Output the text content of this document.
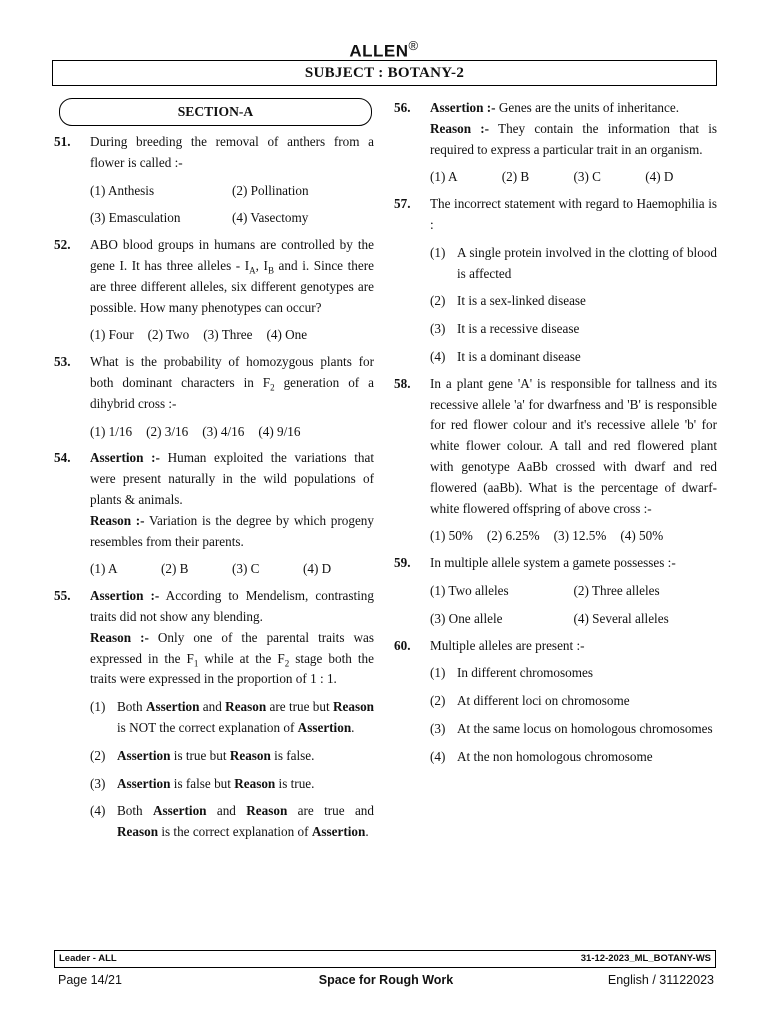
ALLEN®
SUBJECT : BOTANY-2
SECTION-A
51. During breeding the removal of anthers from a flower is called :-
(1) Anthesis	(2) Pollination
(3) Emasculation	(4) Vasectomy
52. ABO blood groups in humans are controlled by the gene I. It has three alleles - $I_A$, $I_B$ and i. Since there are three different alleles, six different genotypes are possible. How many phenotypes can occur?
(1) Four (2) Two (3) Three (4) One
53. What is the probability of homozygous plants for both dominant characters in $F_2$ generation of a dihybrid cross :-
(1) 1/16 (2) 3/16 (3) 4/16 (4) 9/16
54. Assertion :- Human exploited the variations that were present naturally in the wild populations of plants & animals.
Reason :- Variation is the degree by which progeny resembles from their parents.
(1) A	(2) B	(3) C	(4) D
55. Assertion :- According to Mendelism, contrasting traits did not show any blending.
Reason :- Only one of the parental traits was expressed in the $F_1$ while at the $F_2$ stage both the traits were expressed in the proportion of 1 : 1.
(1) Both Assertion and Reason are true but Reason is NOT the correct explanation of Assertion.
(2) Assertion is true but Reason is false.
(3) Assertion is false but Reason is true.
(4) Both Assertion and Reason are true and Reason is the correct explanation of Assertion.
56. Assertion :- Genes are the units of inheritance.
Reason :- They contain the information that is required to express a particular trait in an organism.
(1) A	(2) B	(3) C	(4) D
57. The incorrect statement with regard to Haemophilia is :
(1) A single protein involved in the clotting of blood is affected
(2) It is a sex-linked disease
(3) It is a recessive disease
(4) It is a dominant disease
58. In a plant gene 'A' is responsible for tallness and its recessive allele 'a' for dwarfness and 'B' is responsible for red flower colour and it's recessive allele 'b' for white flower colour. A tall and red flowered plant with genotype AaBb crossed with dwarf and red flowered (aaBb). What is the percentage of dwarf-white flowered offspring of above cross :-
(1) 50% (2) 6.25% (3) 12.5% (4) 50%
59. In multiple allele system a gamete possesses :-
(1) Two alleles	(2) Three alleles
(3) One allele	(4) Several alleles
60. Multiple alleles are present :-
(1) In different chromosomes
(2) At different loci on chromosome
(3) At the same locus on homologous chromosomes
(4) At the non homologous chromosome
Leader - ALL	31-12-2023_ML_BOTANY-WS
Space for Rough Work
Page 14/21	English / 31122023
